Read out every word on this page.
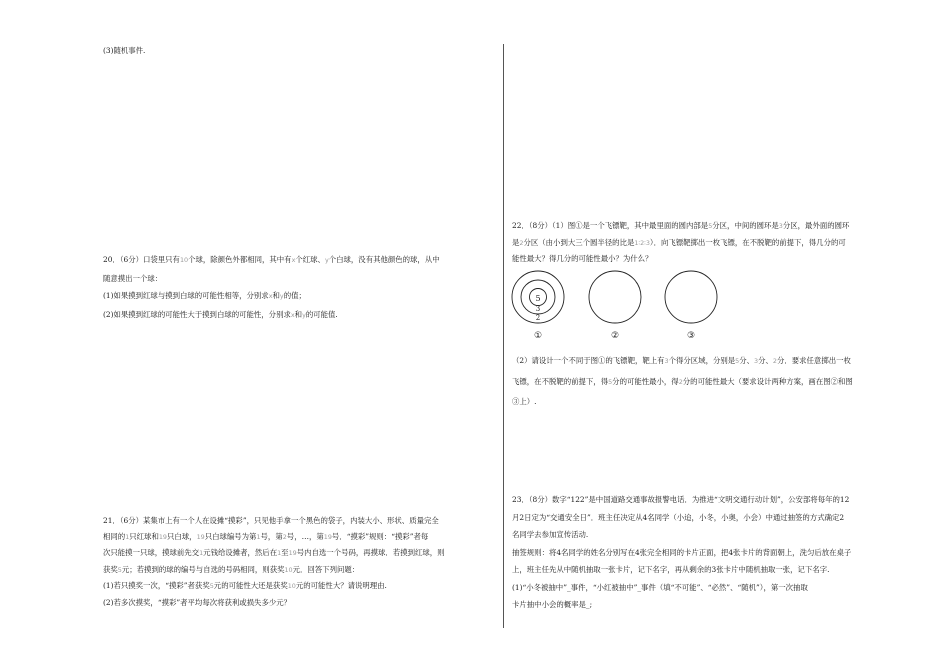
(3)随机事件.

20．（6分）口袋里只有10个球，除颜色外都相同，其中有x个红球、y个白球，没有其他颜色的球，从中

随意摸出一个球：

(1)如果摸到红球与摸到白球的可能性相等，分别求x和y的值；

(2)如果摸到红球的可能性大于摸到白球的可能性，分别求x和y的可能值.

21．（6分）某集市上有一个人在设摊“摸彩”，只见他手拿一个黑色的袋子，内装大小、形状、质量完全

相同的1只红球和19只白球，19只白球编号为第1号，第2号，…，第19号．“摸彩”规则：“摸彩”者每

次只能摸一只球，摸球前先交1元钱给设摊者，然后在1至19号内自选一个号码，再摸球．若摸到红球，则

获奖5元；若摸到的球的编号与自选的号码相同，则获奖10元．回答下列问题：

(1)若只摸奖一次，“摸彩”者获奖5元的可能性大还是获奖10元的可能性大？请说明理由.

(2)若多次摸奖，“摸彩”者平均每次将获利或损失多少元？

22．（8分）（1）图①是一个飞镖靶，其中最里面的圆内部是5分区，中间的圆环是3分区，最外面的圆环

是2分区（由小到大三个圆半径的比是1∶2∶3）．向飞镖靶掷出一枚飞镖，在不脱靶的前提下，得几分的可

能性最大？得几分的可能性最小？为什么？

5
3
2
①	②	③

（2）请设计一个不同于图①的飞镖靶，靶上有3个得分区域，分别是5分、3分、2分．要求任意掷出一枚

飞镖，在不脱靶的前提下，得5分的可能性最小，得2分的可能性最大（要求设计两种方案，画在图②和图

③上）.

23．（8分）数字“122”是中国道路交通事故报警电话．为推进“文明交通行动计划”，公安部将每年的12

月2日定为“交通安全日”．班主任决定从4名同学（小迨，小冬，小奥，小会）中通过抽签的方式确定2

名同学去参加宣传活动.

抽签规则：将4名同学的姓名分别写在4张完全相同的卡片正面，把4张卡片的背面朝上，洗匀后放在桌子

上，班主任先从中随机抽取一张卡片，记下名字，再从剩余的3张卡片中随机抽取一张，记下名字.

(1)“小冬被抽中”_事件，“小红被抽中”_事件（填“不可能”、“必然”、“随机”），第一次抽取

卡片抽中小会的概率是_;
